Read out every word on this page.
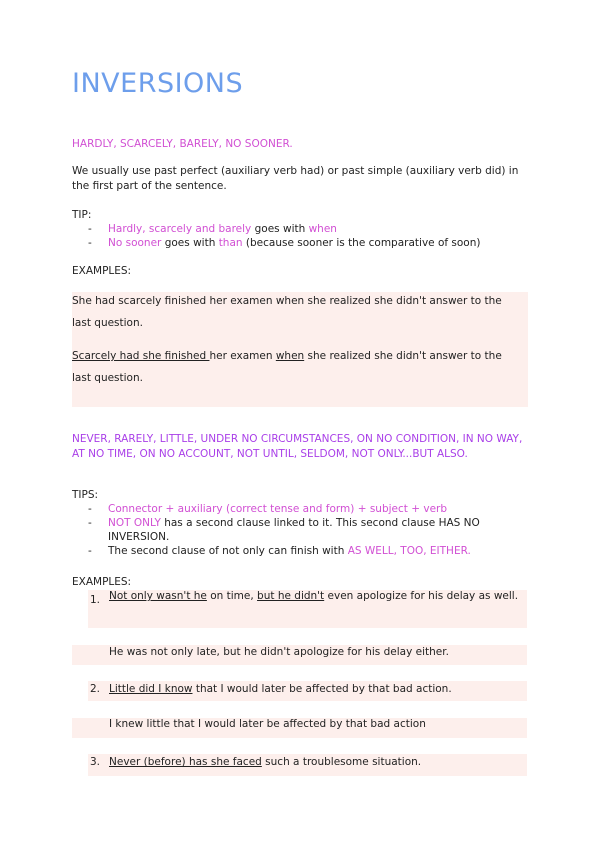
INVERSIONS

HARDLY, SCARCELY, BARELY, NO SOONER.

We usually use past perfect (auxiliary verb had) or past simple (auxiliary verb did) in the first part of the sentence.

TIP:

- Hardly, scarcely and barely goes with when
- No sooner goes with than (because sooner is the comparative of soon)

EXAMPLES:

She had scarcely finished her examen when she realized she didn't answer to the last question.

Scarcely had she finished her examen when she realized she didn't answer to the last question.

NEVER, RARELY, LITTLE, UNDER NO CIRCUMSTANCES, ON NO CONDITION, IN NO WAY, AT NO TIME, ON NO ACCOUNT, NOT UNTIL, SELDOM, NOT ONLY...BUT ALSO.

TIPS:

- Connector + auxiliary (correct tense and form) + subject + verb
- NOT ONLY has a second clause linked to it. This second clause HAS NO INVERSION.
- The second clause of not only can finish with AS WELL, TOO, EITHER.

EXAMPLES:

1. Not only wasn't he on time, but he didn't even apologize for his delay as well.

He was not only late, but he didn't apologize for his delay either.

2. Little did I know that I would later be affected by that bad action.

I knew little that I would later be affected by that bad action

3. Never (before) has she faced such a troublesome situation.
